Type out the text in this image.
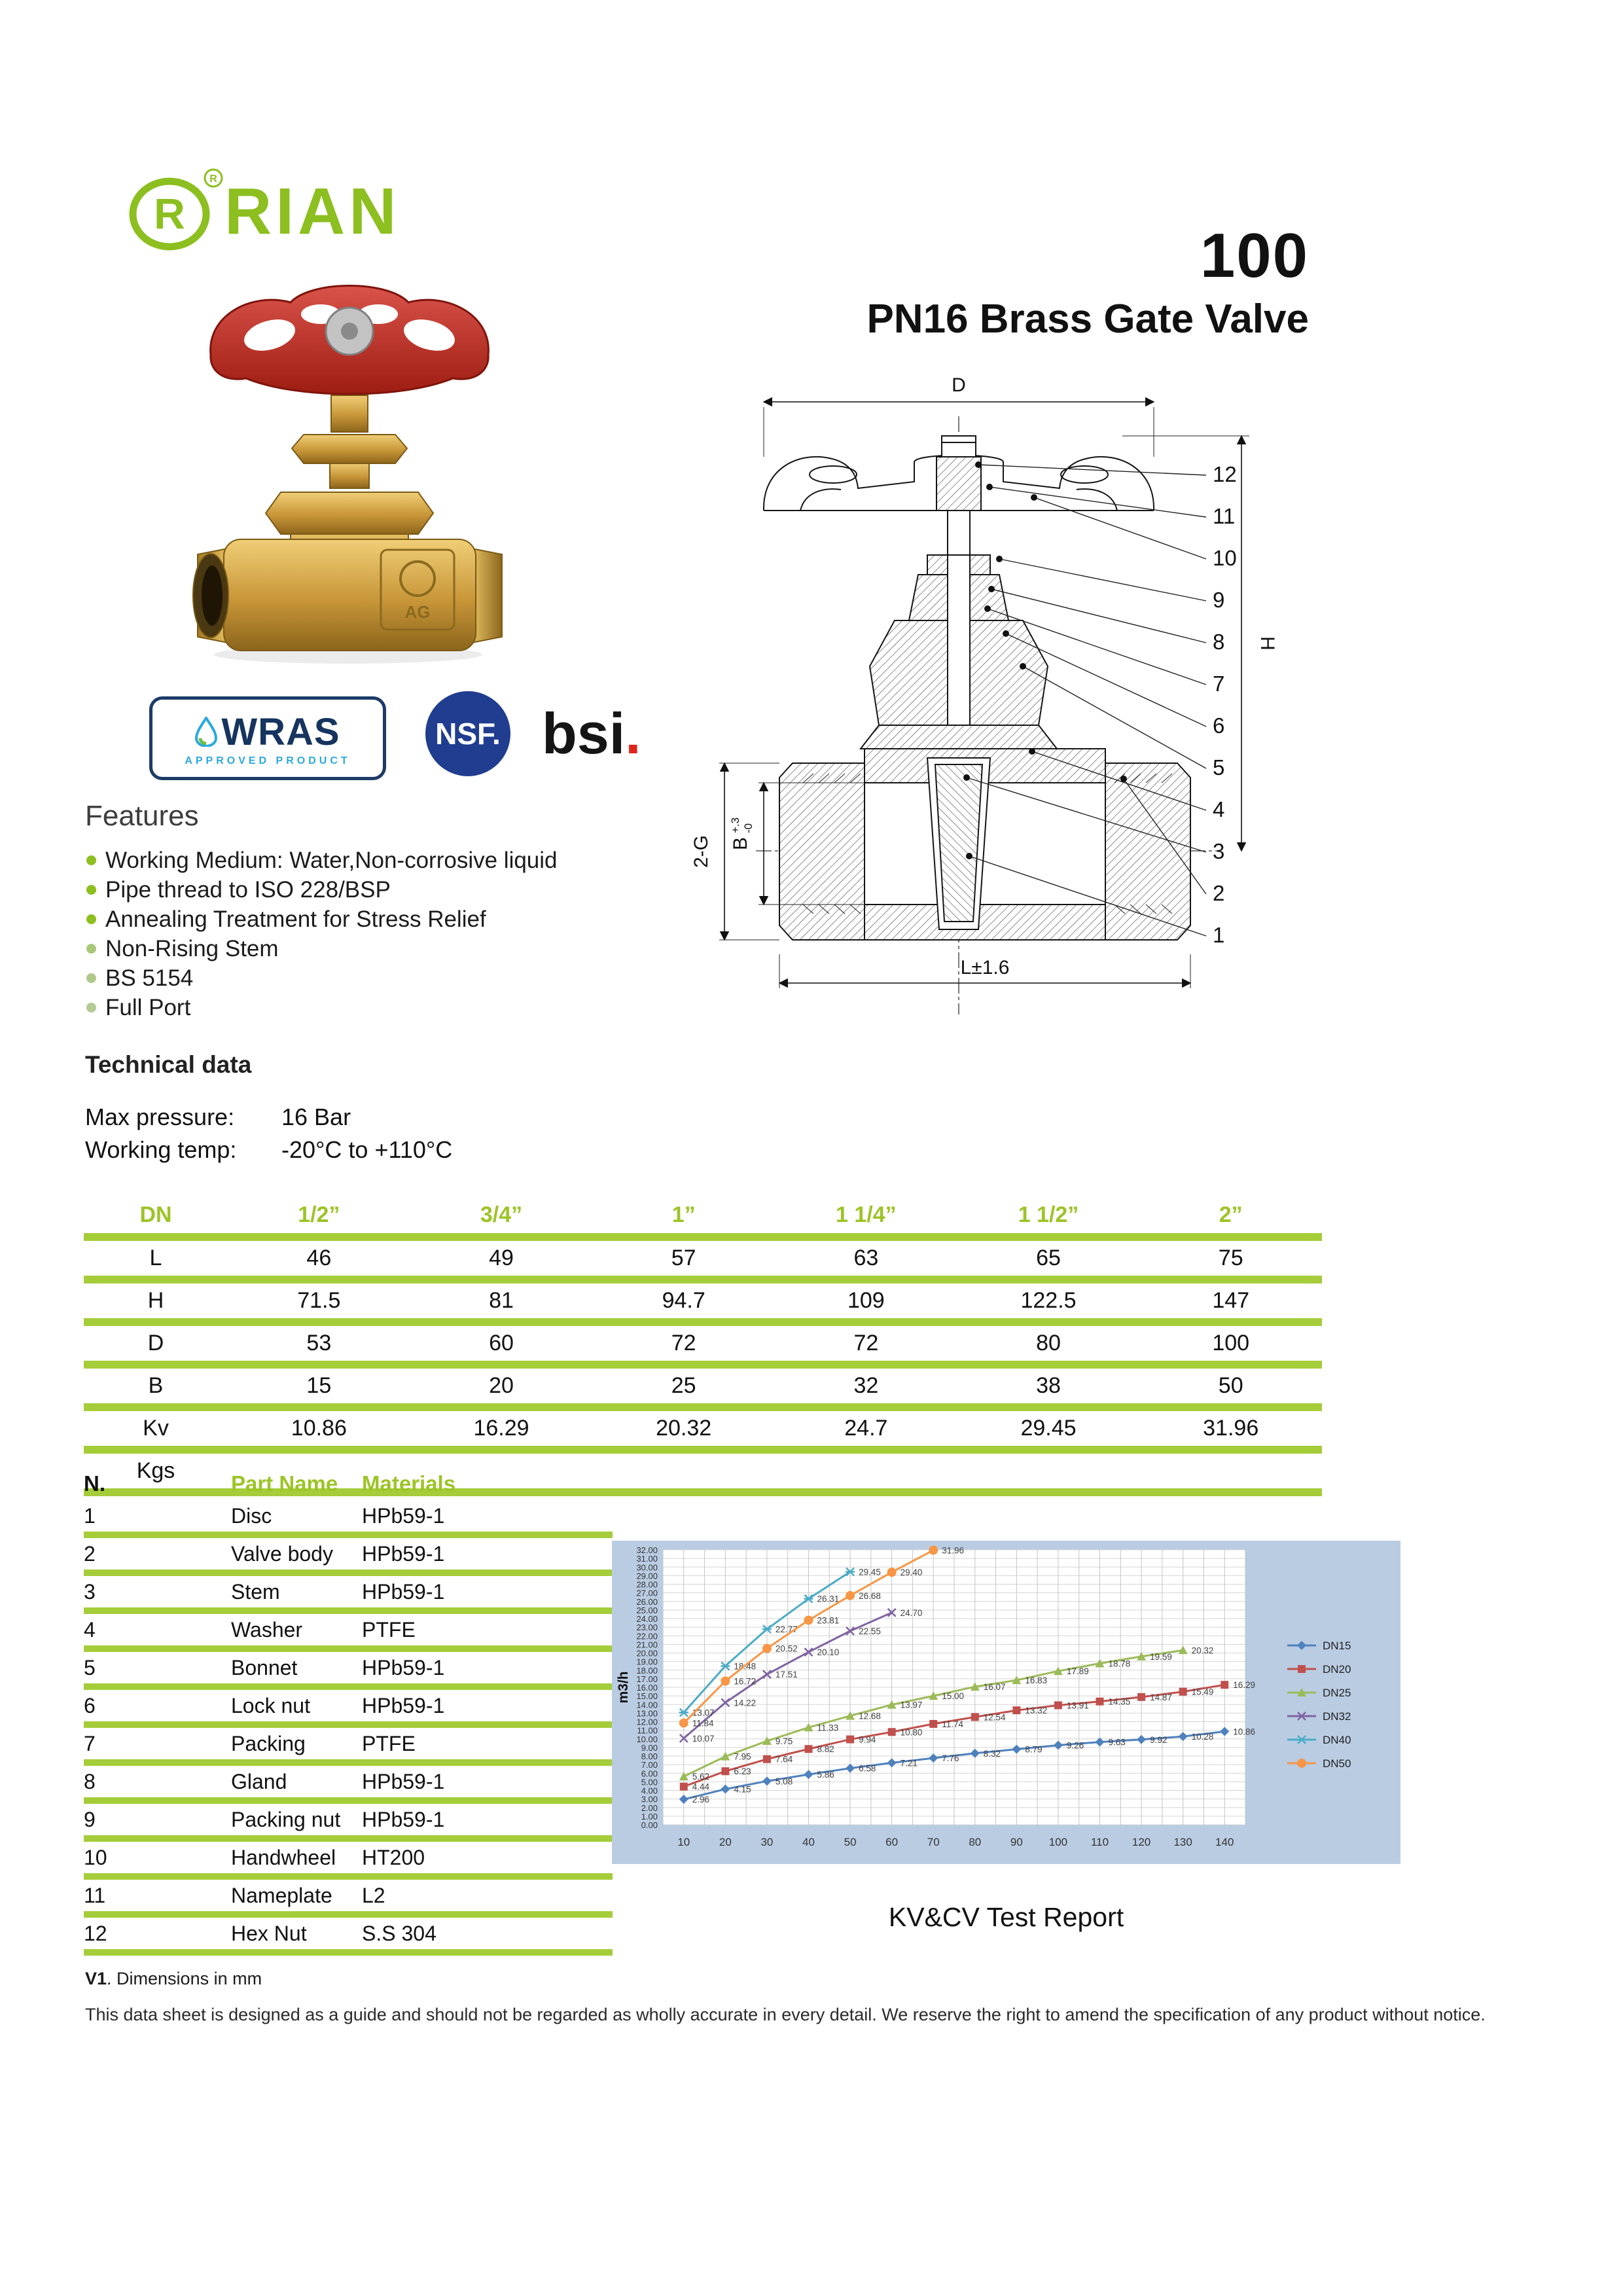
R
R RIAN
AG
100
PN16 Brass Gate Valve
D
H
2-G B
+.3 -0
L±1.6
12
11
10
9
8
7
6
5
4
3
2
1
WRAS
APPROVED PRODUCT
NSF. bsi.
Features
Working Medium: Water,Non-corrosive liquid
Pipe thread to ISO 228/BSP
Annealing Treatment for Stress Relief
Non-Rising Stem
BS 5154
Full Port
Technical data
Max pressure:	16 Bar
Working temp:	-20°C to +110°C
DN	1/2”	3/4”	1”	1 1/4”	1 1/2”	2”
L	46	49	57	63	65	75
H	71.5	81	94.7	109	122.5	147
D	53	60	72	72	80	100
B	15	20	25	32	38	50
Kv	10.86	16.29	20.32	24.7	29.45	31.96
Kgs
N.	Part Name	Materials
1	Disc	HPb59-1
2	Valve body	HPb59-1
3	Stem	HPb59-1
4	Washer	PTFE
5	Bonnet	HPb59-1
6	Lock nut	HPb59-1
7	Packing	PTFE
8	Gland	HPb59-1
9	Packing nut	HPb59-1
10	Handwheel	HT200
11	Nameplate	L2
12	Hex Nut	S.S 304
0.00
1.00
2.00
3.00
4.00
5.00
6.00
7.00
8.00
9.00
10.00
11.00
12.00
13.00
14.00
15.00
16.00
17.00
18.00
19.00
20.00
21.00
22.00
23.00
24.00
25.00
26.00
27.00
28.00
29.00
30.00
31.00
32.00
10	20	30	40	50	60	70	80	90 100 110 120 130 140
2.96
4.15
5.08
5.86
6.58
7.21	7.76	8.32	8.79	9.26	9.63	9.92	10.28
10.86
4.44
6.23
7.64
8.82
9.94
10.80
11.74
12.54
13.32
13.91 14.35 14.87
15.49
16.29
5.62
7.95
9.75
11.33
12.68
13.97
15.00
16.07
16.83
17.89
18.78
19.59
20.32
10.07
14.22
17.51
20.10
22.55
24.70
13.07
18.48
22.77
26.31
29.45
11.84
16.72
20.52
23.81
26.68
29.40
31.96
DN15
DN20
DN25
DN32
DN40
DN50
m3/h
KV&CV Test Report
V1. Dimensions in mm
This data sheet is designed as a guide and should not be regarded as wholly accurate in every detail. We reserve the right to amend the specification of any product without notice.
